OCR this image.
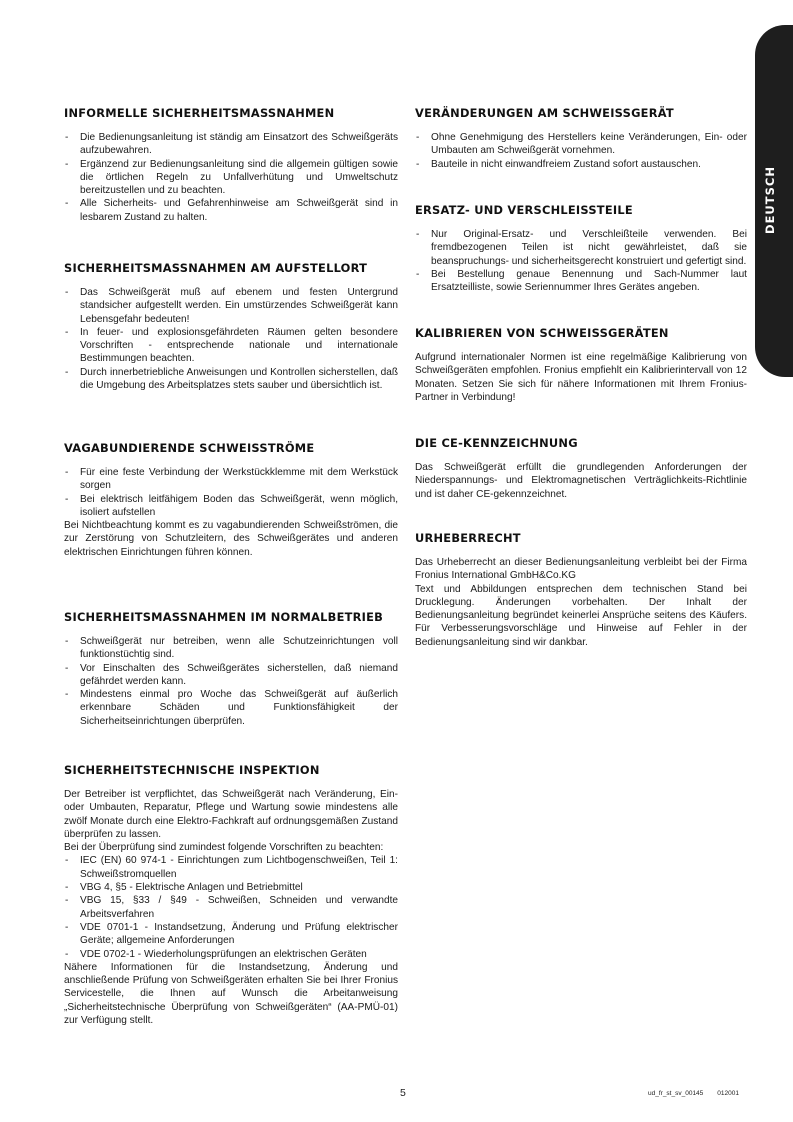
DEUTSCH
INFORMELLE SICHERHEITSMASSNAHMEN
- Die Bedienungsanleitung ist ständig am Einsatzort des Schweißgeräts aufzubewahren.
- Ergänzend zur Bedienungsanleitung sind die allgemein gültigen sowie die örtlichen Regeln zu Unfallverhütung und Umweltschutz bereitzustellen und zu beachten.
- Alle Sicherheits- und Gefahrenhinweise am Schweißgerät sind in lesbarem Zustand zu halten.
SICHERHEITSMASSNAHMEN AM AUFSTELLORT
- Das Schweißgerät muß auf ebenem und festen Untergrund standsicher aufgestellt werden. Ein umstürzendes Schweißgerät kann Lebensgefahr bedeuten!
- In feuer- und explosionsgefährdeten Räumen gelten besondere Vorschriften - entsprechende nationale und internationale Bestimmungen beachten.
- Durch innerbetriebliche Anweisungen und Kontrollen sicherstellen, daß die Umgebung des Arbeitsplatzes stets sauber und übersichtlich ist.
VAGABUNDIERENDE SCHWEISSTRÖME
- Für eine feste Verbindung der Werkstückklemme mit dem Werkstück sorgen
- Bei elektrisch leitfähigem Boden das Schweißgerät, wenn möglich, isoliert aufstellen

Bei Nichtbeachtung kommt es zu vagabundierenden Schweißströmen, die zur Zerstörung von Schutzleitern, des Schweißgerätes und anderen elektrischen Einrichtungen führen können.

SICHERHEITSMASSNAHMEN IM NORMALBETRIEB
- Schweißgerät nur betreiben, wenn alle Schutzeinrichtungen voll funktionstüchtig sind.
- Vor Einschalten des Schweißgerätes sicherstellen, daß niemand gefährdet werden kann.
- Mindestens einmal pro Woche das Schweißgerät auf äußerlich erkennbare Schäden und Funktionsfähigkeit der Sicherheitseinrichtungen überprüfen.
SICHERHEITSTECHNISCHE INSPEKTION

Der Betreiber ist verpflichtet, das Schweißgerät nach Veränderung, Ein- oder Umbauten, Reparatur, Pflege und Wartung sowie mindestens alle zwölf Monate durch eine Elektro-Fachkraft auf ordnungsgemäßen Zustand überprüfen zu lassen.

Bei der Überprüfung sind zumindest folgende Vorschriften zu beachten:

- IEC (EN) 60 974-1 - Einrichtungen zum Lichtbogenschweißen, Teil 1: Schweißstromquellen
- VBG 4, §5 - Elektrische Anlagen und Betriebmittel
- VBG 15, §33 / §49 - Schweißen, Schneiden und verwandte Arbeitsverfahren
- VDE 0701-1 - Instandsetzung, Änderung und Prüfung elektrischer Geräte; allgemeine Anforderungen
- VDE 0702-1 - Wiederholungsprüfungen an elektrischen Geräten

Nähere Informationen für die Instandsetzung, Änderung und anschließende Prüfung von Schweißgeräten erhalten Sie bei Ihrer Fronius Servicestelle, die Ihnen auf Wunsch die Arbeitanweisung „Sicherheitstechnische Überprüfung von Schweißgeräten“ (AA-PMÜ-01) zur Verfügung stellt.

VERÄNDERUNGEN AM SCHWEISSGERÄT
- Ohne Genehmigung des Herstellers keine Veränderungen, Ein- oder Umbauten am Schweißgerät vornehmen.
- Bauteile in nicht einwandfreiem Zustand sofort austauschen.
ERSATZ- UND VERSCHLEISSTEILE
- Nur Original-Ersatz- und Verschleißteile verwenden. Bei fremdbezogenen Teilen ist nicht gewährleistet, daß sie beanspruchungs- und sicherheitsgerecht konstruiert und gefertigt sind.
- Bei Bestellung genaue Benennung und Sach-Nummer laut Ersatzteilliste, sowie Seriennummer Ihres Gerätes angeben.
KALIBRIEREN VON SCHWEISSGERÄTEN

Aufgrund internationaler Normen ist eine regelmäßige Kalibrierung von Schweißgeräten empfohlen. Fronius empfiehlt ein Kalibrierintervall von 12 Monaten. Setzen Sie sich für nähere Informationen mit Ihrem Fronius-Partner in Verbindung!

DIE CE-KENNZEICHNUNG

Das Schweißgerät erfüllt die grundlegenden Anforderungen der Niederspannungs- und Elektromagnetischen Verträglichkeits-Richtlinie und ist daher CE-gekennzeichnet.

URHEBERRECHT

Das Urheberrecht an dieser Bedienungsanleitung verbleibt bei der Firma Fronius International GmbH&Co.KG

Text und Abbildungen entsprechen dem technischen Stand bei Drucklegung. Änderungen vorbehalten. Der Inhalt der Bedienungsanleitung begründet keinerlei Ansprüche seitens des Käufers. Für Verbesserungsvorschläge und Hinweise auf Fehler in der Bedienungsanleitung sind wir dankbar.

5	ud_fr_st_sv_00145 012001
